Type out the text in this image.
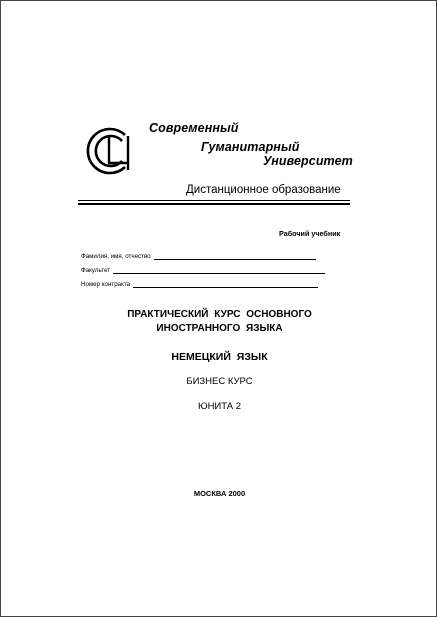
Современный
Гуманитарный
Университет
Дистанционное образование
Рабочий учебник
Фамилия, имя, отчество
Факультет
Номер контракта
ПРАКТИЧЕСКИЙ КУРС ОСНОВНОГО
ИНОСТРАННОГО ЯЗЫКА
НЕМЕЦКИЙ ЯЗЫК
БИЗНЕС КУРС
ЮНИТА 2
МОСКВА 2000
